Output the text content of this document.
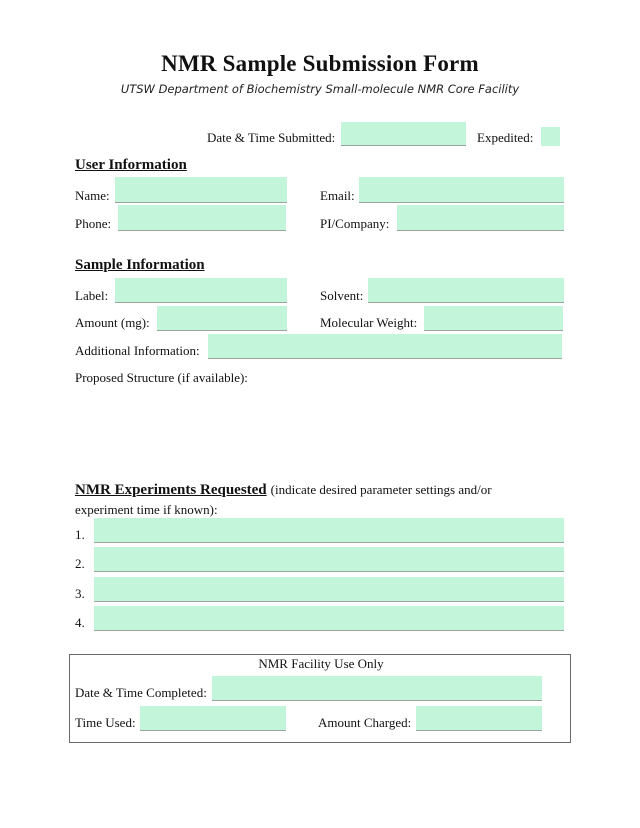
NMR Sample Submission Form
UTSW Department of Biochemistry Small-molecule NMR Core Facility
Date & Time Submitted:	Expedited:
User Information
Name:	Email:
Phone:	PI/Company:
Sample Information
Label:	Solvent:
Amount (mg):	Molecular Weight:
Additional Information:
Proposed Structure (if available):
NMR Experiments Requested (indicate desired parameter settings and/or
experiment time if known):
1.
2.
3.
4.
NMR Facility Use Only
Date & Time Completed:
Time Used:	Amount Charged:
